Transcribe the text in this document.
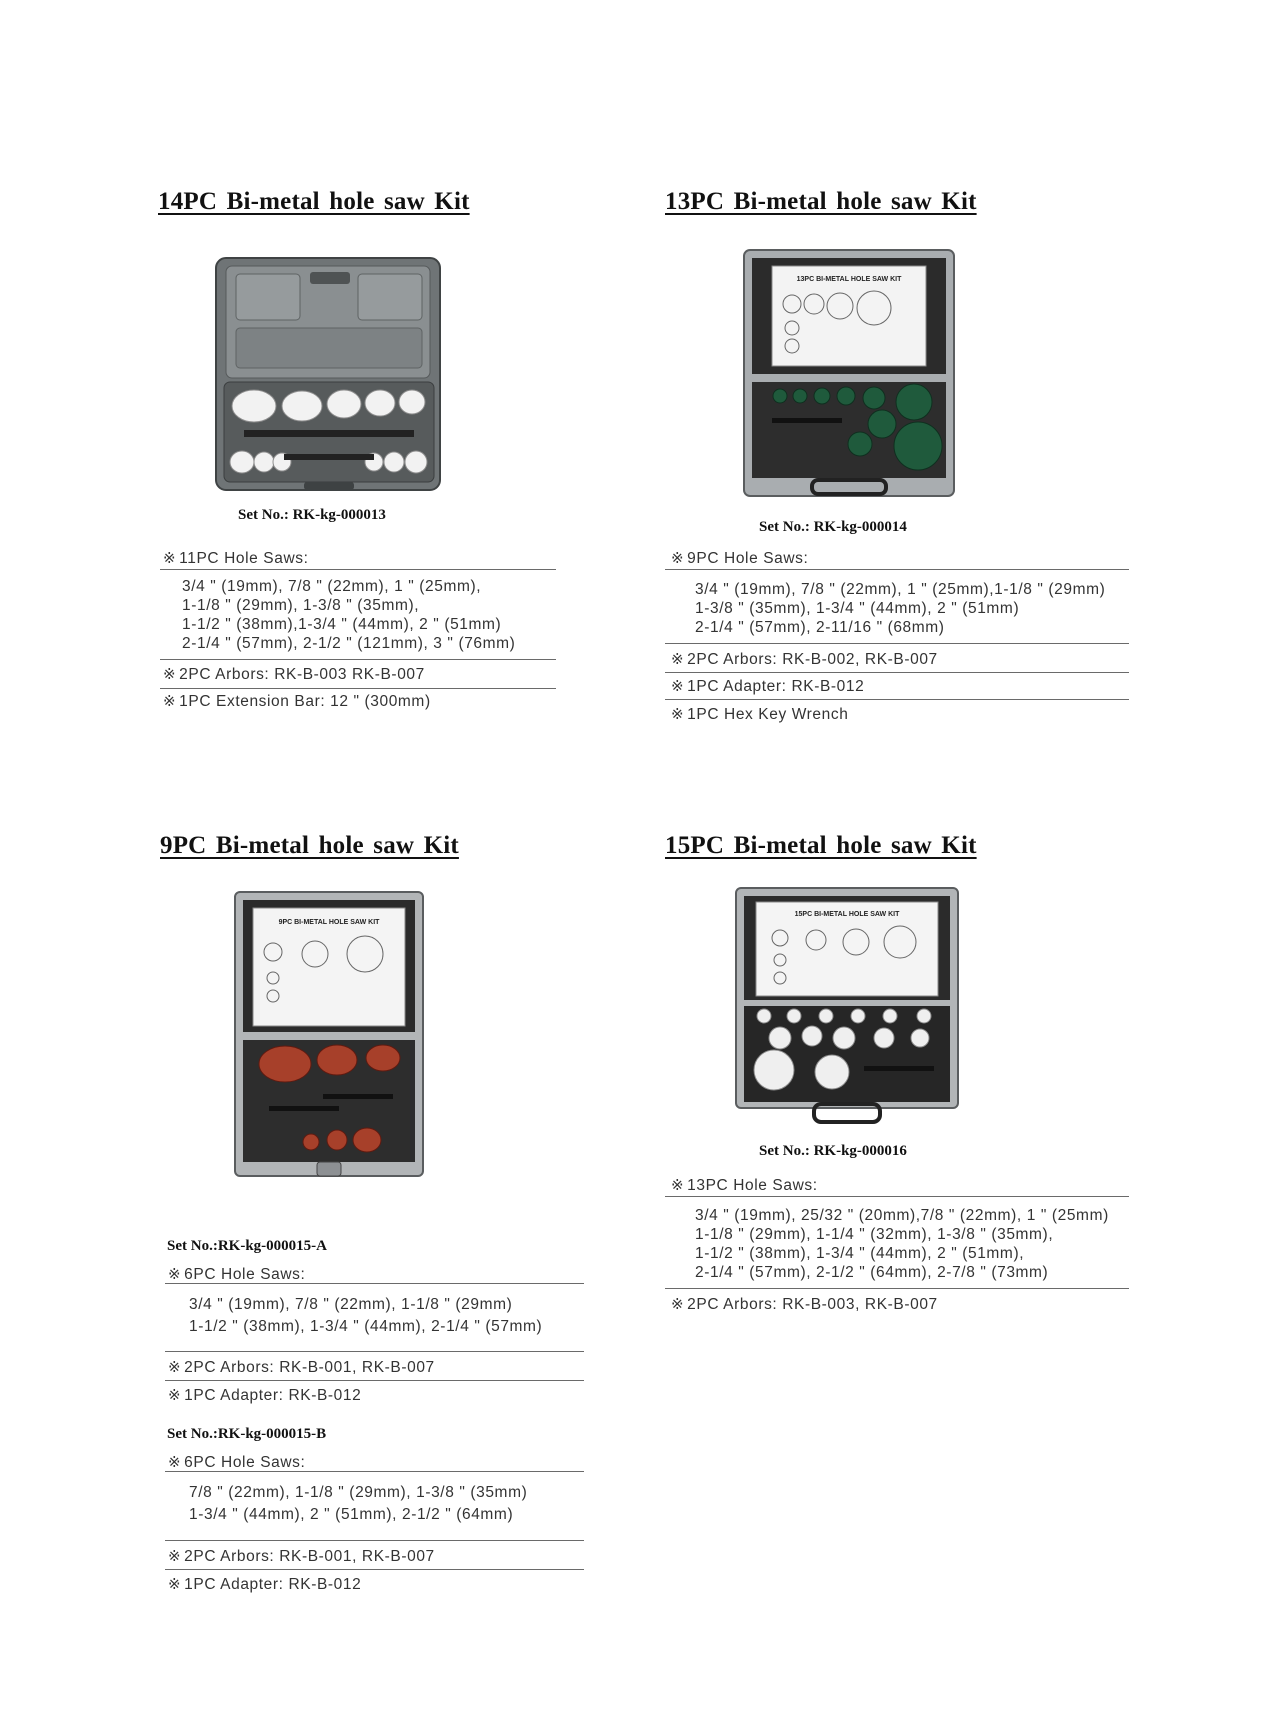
14PC Bi-metal hole saw Kit
Set No.: RK-kg-000013
※ 11PC Hole Saws:
3/4 " (19mm), 7/8 " (22mm), 1 " (25mm),
1-1/8 " (29mm), 1-3/8 " (35mm),
1-1/2 " (38mm),1-3/4 " (44mm), 2 " (51mm)
2-1/4 " (57mm), 2-1/2 " (121mm), 3 " (76mm)
※ 2PC Arbors: RK-B-003 RK-B-007
※ 1PC Extension Bar: 12 " (300mm)
13PC Bi-metal hole saw Kit
13PC BI-METAL HOLE SAW KIT
Set No.: RK-kg-000014
※ 9PC Hole Saws:
3/4 " (19mm), 7/8 " (22mm), 1 " (25mm),1-1/8 " (29mm)
1-3/8 " (35mm), 1-3/4 " (44mm), 2 " (51mm)
2-1/4 " (57mm), 2-11/16 " (68mm)
※ 2PC Arbors: RK-B-002, RK-B-007
※ 1PC Adapter: RK-B-012
※ 1PC Hex Key Wrench
9PC Bi-metal hole saw Kit
9PC BI-METAL HOLE SAW KIT
Set No.:RK-kg-000015-A
※ 6PC Hole Saws:
3/4 " (19mm), 7/8 " (22mm), 1-1/8 " (29mm)
1-1/2 " (38mm), 1-3/4 " (44mm), 2-1/4 " (57mm)
※ 2PC Arbors: RK-B-001, RK-B-007
※ 1PC Adapter: RK-B-012
Set No.:RK-kg-000015-B
※ 6PC Hole Saws:
7/8 " (22mm), 1-1/8 " (29mm), 1-3/8 " (35mm)
1-3/4 " (44mm), 2 " (51mm), 2-1/2 " (64mm)
※ 2PC Arbors: RK-B-001, RK-B-007
※ 1PC Adapter: RK-B-012
15PC Bi-metal hole saw Kit
15PC BI-METAL HOLE SAW KIT
Set No.: RK-kg-000016
※ 13PC Hole Saws:
3/4 " (19mm), 25/32 " (20mm),7/8 " (22mm), 1 " (25mm)
1-1/8 " (29mm), 1-1/4 " (32mm), 1-3/8 " (35mm),
1-1/2 " (38mm), 1-3/4 " (44mm), 2 " (51mm),
2-1/4 " (57mm), 2-1/2 " (64mm), 2-7/8 " (73mm)
※ 2PC Arbors: RK-B-003, RK-B-007
